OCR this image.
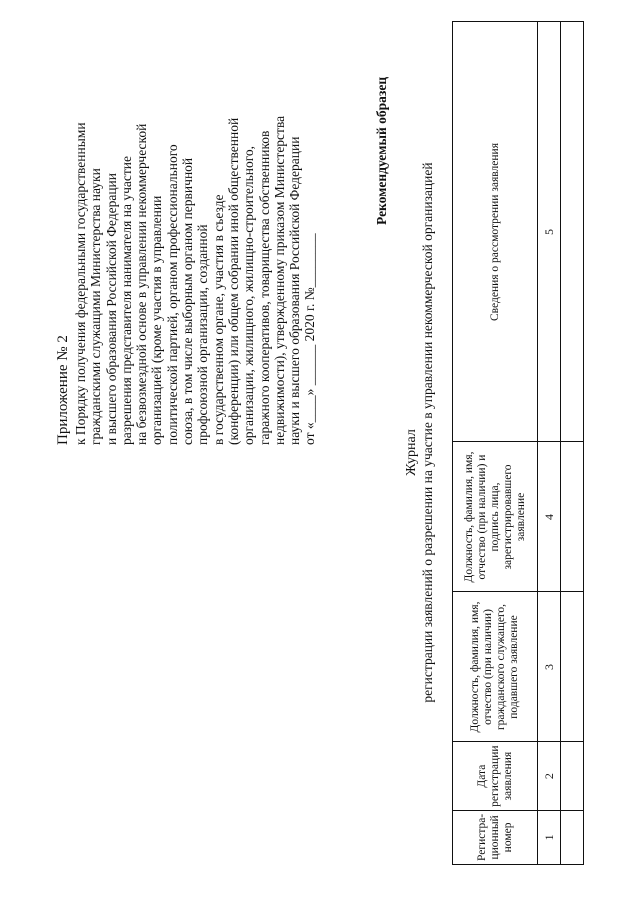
Приложение № 2 к Порядку получения федеральными государственными гражданскими служащими Министерства науки и высшего образования Российской Федерации разрешения представителя нанимателя на участие на безвозмездной основе в управлении некоммерческой организацией (кроме участия в управлении политической партией, органом профессионального союза, в том числе выборным органом первичной профсоюзной организации, созданной в государственном органе, участия в съезде (конференции) или общем собрании иной общественной организации, жилищного, жилищно-строительного, гаражного кооперативов, товарищества собственников недвижимости), утвержденному приказом Министерства науки и высшего образования Российской Федерации от «____» ______ 2020 г. №________
Рекомендуемый образец
Журнал регистрации заявлений о разрешении на участие в управлении некоммерческой организацией
Регистра-ционный номер	Дата регистрации заявления	Должность, фамилия, имя, отчество (при наличии) гражданского служащего, подавшего заявление	Должность, фамилия, имя, отчество (при наличии) и подпись лица, зарегистрировавшего заявление	Сведения о рассмотрении заявления
1	2	3	4	5
